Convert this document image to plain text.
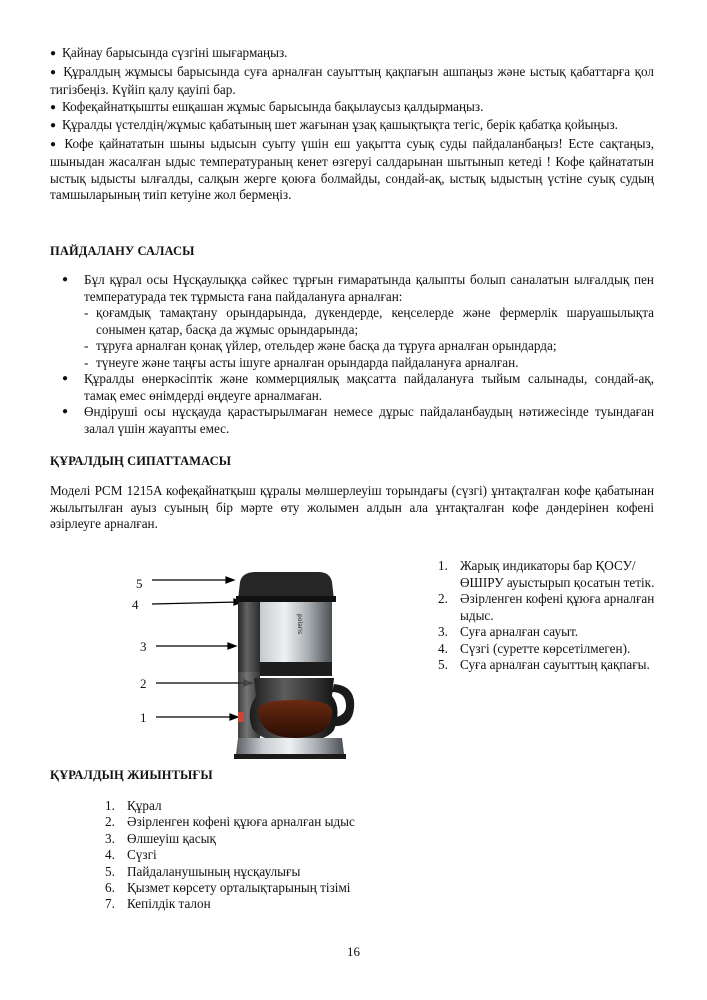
● Қайнау барысында сүзгіні шығармаңыз.
● Құралдың жұмысы барысында суға арналған сауыттың қақпағын ашпаңыз және ыстық қабаттарға қол тигізбеңіз. Күйіп қалу қауіпі бар.
● Кофеқайнатқышты ешқашан жұмыс барысында бақылаусыз қалдырмаңыз.
● Құралды үстелдің/жұмыс қабатының шет жағынан ұзақ қашықтықта тегіс, берік қабатқа қойыңыз.
● Кофе қайнататын шыны ыдысын суыту үшін еш уақытта суық суды пайдаланбаңыз! Есте сақтаңыз, шыныдан жасалған ыдыс температураның кенет өзгеруі салдарынан шытынып кетеді ! Кофе қайнататын ыстық ыдысты ылғалды, салқын жерге қоюға болмайды, сондай-ақ, ыстық ыдыстың үстіне суық судың тамшыларының тиіп кетуіне жол бермеңіз.
ПАЙДАЛАНУ САЛАСЫ
● Бұл құрал осы Нұсқаулыққа сәйкес тұрғын ғимаратында қалыпты болып саналатын ылғалдық пен температурада тек тұрмыста ғана пайдалануға арналған:
- қоғамдық тамақтану орындарында, дүкендерде, кеңселерде және фермерлік шаруашылықта сонымен қатар, басқа да жұмыс орындарында;
- тұруға арналған қонақ үйлер, отельдер және басқа да тұруға арналған орындарда;
- түнеуге және таңғы асты ішуге арналған орындарда пайдалануға арналған.
● Құралды өнеркәсіптік және коммерциялық мақсатта пайдалануға тыйым салынады, сондай-ақ, тамақ емес өнімдерді өңдеуге арналмаған.
● Өндіруші осы нұсқауда қарастырылмаған немесе дұрыс пайдаланбаудың нәтижесінде туындаған залал үшін жауапты емес.
ҚҰРАЛДЫҢ СИПАТТАМАСЫ

Моделі PCM 1215A кофеқайнатқыш құралы мөлшерлеуіш торындағы (сүзгі) ұнтақталған кофе қабатынан жылытылған ауыз суының бір мәрте өту жолымен алдын ала ұнтақталған кофе дәндерінен кофені әзірлеуге арналған.

5
4
3
2
1
polaris
1. Жарық индикаторы бар ҚОСУ/ӨШІРУ ауыстырып қосатын тетік.
2. Әзірленген кофені құюға арналған ыдыс.
3. Суға арналған сауыт.
4. Сүзгі (суретте көрсетілмеген).
5. Суға арналған сауыттың қақпағы.
ҚҰРАЛДЫҢ ЖИЫНТЫҒЫ
1. Құрал
2. Әзірленген кофені құюға арналған ыдыс
3. Өлшеуіш қасық
4. Сүзгі
5. Пайдаланушының нұсқаулығы
6. Қызмет көрсету орталықтарының тізімі
7. Кепілдік талон
16
